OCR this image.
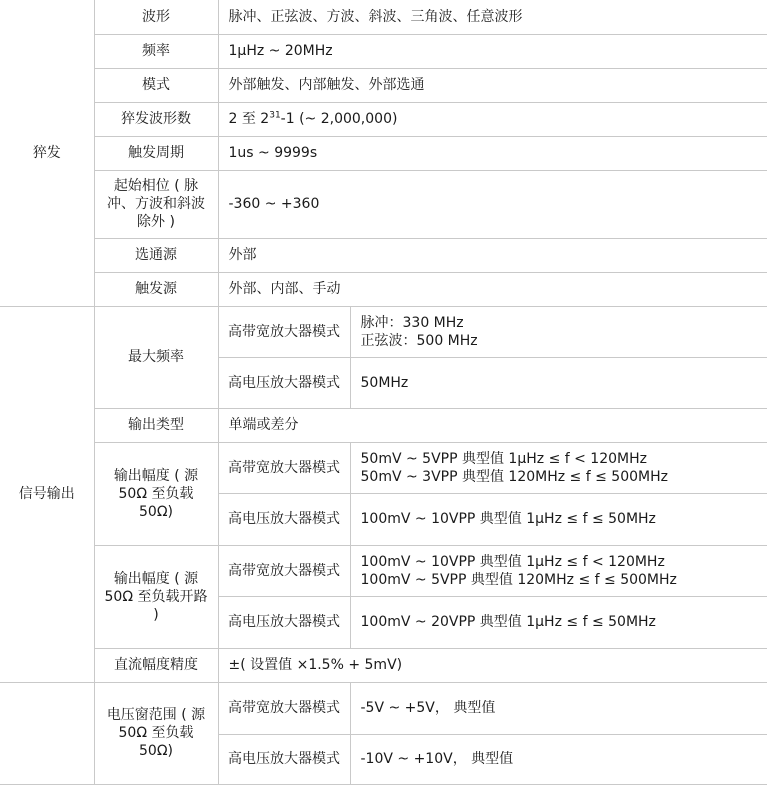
猝发	波形	脉冲、正弦波、方波、斜波、三角波、任意波形	
	频率	1μHz ~ 20MHz	
	模式	外部触发、内部触发、外部选通	
	猝发波形数	2 至 $2^{31}-1$ (~ 2,000,000)	
	触发周期	1us ~ 9999s	
	起始相位 ( 脉冲、方波和斜波除外 )	-360 ~ +360	
	选通源	外部	
	触发源	外部、内部、手动	
信号输出	最大频率	高带宽放大器模式	脉冲：330 MHz
正弦波：500 MHz

		高电压放大器模式	50MHz
	输出类型	单端或差分	
	输出幅度 ( 源 50Ω 至负载 50Ω)	高带宽放大器模式	50mV ~ 5VPP 典型值 1μHz ≤ f < 120MHz
50mV ~ 3VPP 典型值 120MHz ≤ f ≤ 500MHz

		高电压放大器模式	100mV ~ 10VPP 典型值 1μHz ≤ f ≤ 50MHz
	输出幅度 ( 源 50Ω 至负载开路 )	高带宽放大器模式	100mV ~ 10VPP 典型值 1μHz ≤ f < 120MHz
100mV ~ 5VPP 典型值 120MHz ≤ f ≤ 500MHz

		高电压放大器模式	100mV ~ 20VPP 典型值 1μHz ≤ f ≤ 50MHz
	直流幅度精度	±( 设置值 ×1.5% + 5mV)	
	电压窗范围 ( 源 50Ω 至负载 50Ω)	高带宽放大器模式	-5V ~ +5V， 典型值
		高电压放大器模式	-10V ~ +10V， 典型值
